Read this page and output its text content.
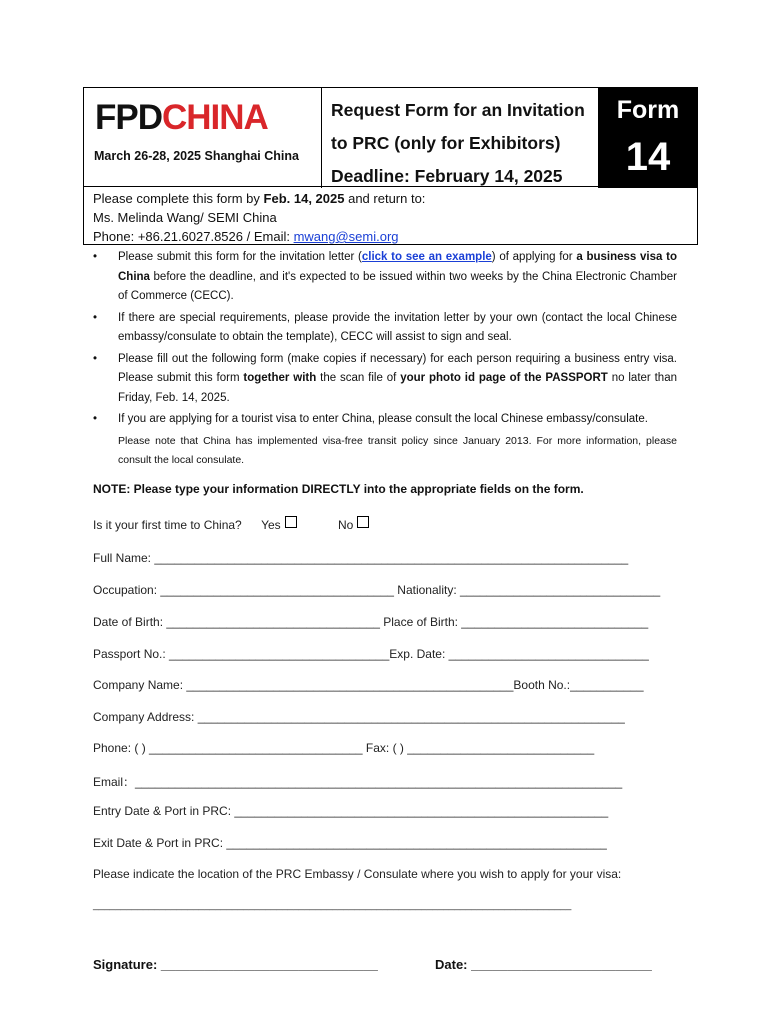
FPDCHINA
March 26-28, 2025 Shanghai China
Request Form for an Invitation
to PRC (only for Exhibitors)
Deadline: February 14, 2025
Form
14
Please complete this form by Feb. 14, 2025 and return to:
Ms. Melinda Wang/ SEMI China
Phone: +86.21.6027.8526 / Email: mwang@semi.org
• Please submit this form for the invitation letter (click to see an example) of applying for a business visa to China before the deadline, and it's expected to be issued within two weeks by the China Electronic Chamber of Commerce (CECC).
• If there are special requirements, please provide the invitation letter by your own (contact the local Chinese embassy/consulate to obtain the template), CECC will assist to sign and seal.
• Please fill out the following form (make copies if necessary) for each person requiring a business entry visa. Please submit this form together with the scan file of your photo id page of the PASSPORT no later than Friday, Feb. 14, 2025.
• If you are applying for a tourist visa to enter China, please consult the local Chinese embassy/consulate.
Please note that China has implemented visa-free transit policy since January 2013. For more information, please consult the local consulate.
NOTE: Please type your information DIRECTLY into the appropriate fields on the form.
Is it your first time to China? Yes	No
Full Name: _______________________________________________________________________
Occupation: ___________________________________ Nationality: ______________________________
Date of Birth: ________________________________ Place of Birth: ____________________________
Passport No.: _________________________________Exp. Date: ______________________________
Company Name: _________________________________________________Booth No.:___________
Company Address: ________________________________________________________________
Phone: ( ) ________________________________ Fax: ( ) ____________________________
Email：_________________________________________________________________________
Entry Date & Port in PRC: ________________________________________________________
Exit Date & Port in PRC: _________________________________________________________
Please indicate the location of the PRC Embassy / Consulate where you wish to apply for your visa:
______________________________________________________________________________________
Signature: ______________________________	Date: _________________________
